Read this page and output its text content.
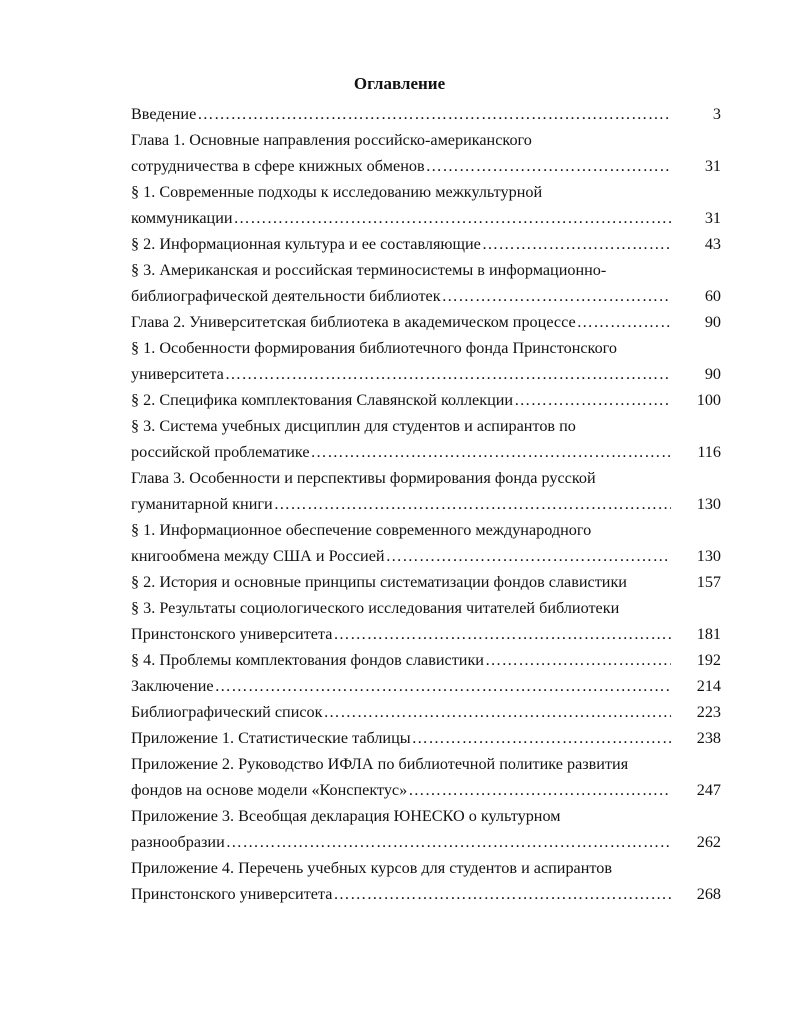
Оглавление
Введение ……………………………………………………………………………………………………………………………………………………	3
Глава 1. Основные направления российско-американского
сотрудничества в сфере книжных обменов ……………………………………………………………………………………………………………………………………………………	31
§ 1. Современные подходы к исследованию межкультурной
коммуникации ……………………………………………………………………………………………………………………………………………………	31
§ 2. Информационная культура и ее составляющие ……………………………………………………………………………………………………………………………………………………	43
§ 3. Американская и российская терминосистемы в информационно-
библиографической деятельности библиотек ……………………………………………………………………………………………………………………………………………………	60
Глава 2. Университетская библиотека в академическом процессе ……………………………………………………………………………………………………………………………………………………	90
§ 1. Особенности формирования библиотечного фонда Принстонского
университета ……………………………………………………………………………………………………………………………………………………	90
§ 2. Специфика комплектования Славянской коллекции ……………………………………………………………………………………………………………………………………………………	100
§ 3. Система учебных дисциплин для студентов и аспирантов по
российской проблематике ……………………………………………………………………………………………………………………………………………………	116
Глава 3. Особенности и перспективы формирования фонда русской
гуманитарной книги ……………………………………………………………………………………………………………………………………………………	130
§ 1. Информационное обеспечение современного международного
книгообмена между США и Россией ……………………………………………………………………………………………………………………………………………………	130
§ 2. История и основные принципы систематизации фондов славистики	157
§ 3. Результаты социологического исследования читателей библиотеки
Принстонского университета ……………………………………………………………………………………………………………………………………………………	181
§ 4. Проблемы комплектования фондов славистики ……………………………………………………………………………………………………………………………………………………	192
Заключение ……………………………………………………………………………………………………………………………………………………	214
Библиографический список ……………………………………………………………………………………………………………………………………………………	223
Приложение 1. Статистические таблицы ……………………………………………………………………………………………………………………………………………………	238
Приложение 2. Руководство ИФЛА по библиотечной политике развития
фондов на основе модели «Конспектус» ……………………………………………………………………………………………………………………………………………………	247
Приложение 3. Всеобщая декларация ЮНЕСКО о культурном
разнообразии ……………………………………………………………………………………………………………………………………………………	262
Приложение 4. Перечень учебных курсов для студентов и аспирантов
Принстонского университета ……………………………………………………………………………………………………………………………………………………	268
